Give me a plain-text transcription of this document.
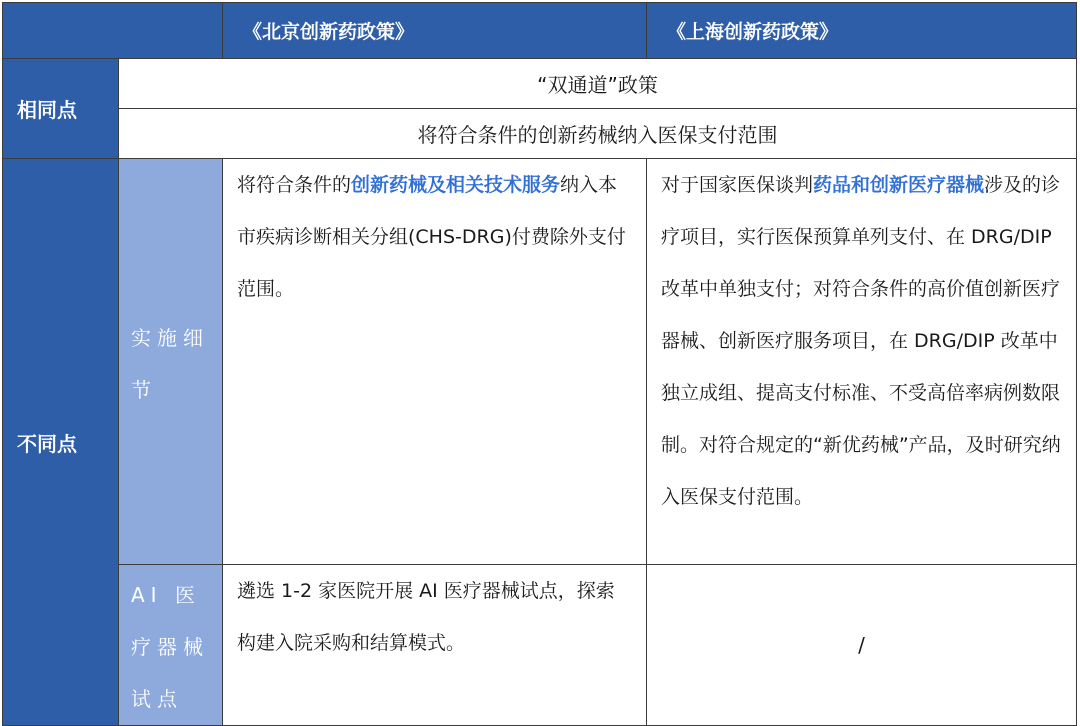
		《北京创新药政策》	《上海创新药政策》
相同点	“双通道”政策		
	将符合条件的创新药械纳入医保支付范围		
不同点	实施细节	将符合条件的创新药械及相关技术服务纳入本市疾病诊断相关分组(CHS-DRG)付费除外支付范围。	对于国家医保谈判药品和创新医疗器械涉及的诊疗项目，实行医保预算单列支付、在 DRG/DIP 改革中单独支付；对符合条件的高价值创新医疗器械、创新医疗服务项目，在 DRG/DIP 改革中独立成组、提高支付标准、不受高倍率病例数限制。对符合规定的“新优药械”产品，及时研究纳入医保支付范围。
	AI 医疗器械试点	遴选 1-2 家医院开展 AI 医疗器械试点，探索构建入院采购和结算模式。	/
